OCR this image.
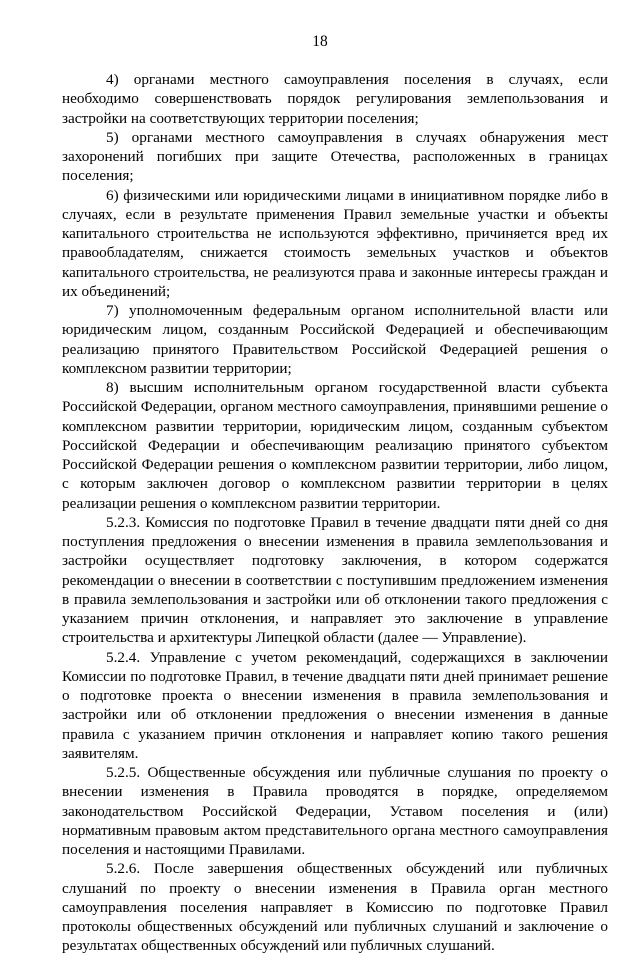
18

4) органами местного самоуправления поселения в случаях, если необходимо совершенствовать порядок регулирования землепользования и застройки на соответствующих территории поселения;

5) органами местного самоуправления в случаях обнаружения мест захоронений погибших при защите Отечества, расположенных в границах поселения;

6) физическими или юридическими лицами в инициативном порядке либо в случаях, если в результате применения Правил земельные участки и объекты капитального строительства не используются эффективно, причиняется вред их правообладателям, снижается стоимость земельных участков и объектов капитального строительства, не реализуются права и законные интересы граждан и их объединений;

7) уполномоченным федеральным органом исполнительной власти или юридическим лицом, созданным Российской Федерацией и обеспечивающим реализацию принятого Правительством Российской Федерацией решения о комплексном развитии территории;

8) высшим исполнительным органом государственной власти субъекта Российской Федерации, органом местного самоуправления, принявшими решение о комплексном развитии территории, юридическим лицом, созданным субъектом Российской Федерации и обеспечивающим реализацию принятого субъектом Российской Федерации решения о комплексном развитии территории, либо лицом, с которым заключен договор о комплексном развитии территории в целях реализации решения о комплексном развитии территории.

5.2.3. Комиссия по подготовке Правил в течение двадцати пяти дней со дня поступления предложения о внесении изменения в правила землепользования и застройки осуществляет подготовку заключения, в котором содержатся рекомендации о внесении в соответствии с поступившим предложением изменения в правила землепользования и застройки или об отклонении такого предложения с указанием причин отклонения, и направляет это заключение в управление строительства и архитектуры Липецкой области (далее — Управление).

5.2.4. Управление с учетом рекомендаций, содержащихся в заключении Комиссии по подготовке Правил, в течение двадцати пяти дней принимает решение о подготовке проекта о внесении изменения в правила землепользования и застройки или об отклонении предложения о внесении изменения в данные правила с указанием причин отклонения и направляет копию такого решения заявителям.

5.2.5. Общественные обсуждения или публичные слушания по проекту о внесении изменения в Правила проводятся в порядке, определяемом законодательством Российской Федерации, Уставом поселения и (или) нормативным правовым актом представительного органа местного самоуправления поселения и настоящими Правилами.

5.2.6. После завершения общественных обсуждений или публичных слушаний по проекту о внесении изменения в Правила орган местного самоуправления поселения направляет в Комиссию по подготовке Правил протоколы общественных обсуждений или публичных слушаний и заключение о результатах общественных обсуждений или публичных слушаний.
